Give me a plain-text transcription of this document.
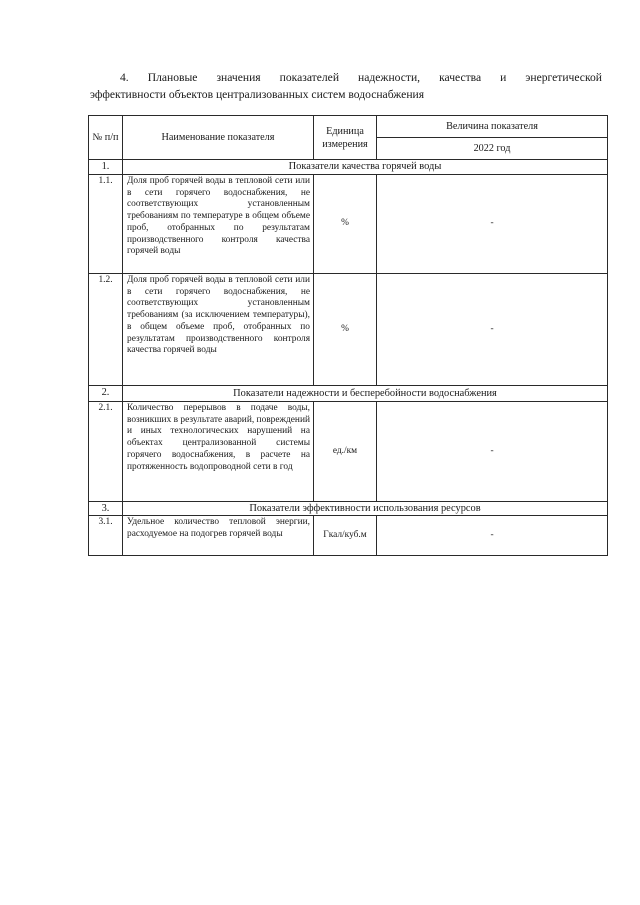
4. Плановые значения показателей надежности, качества и энергетической
эффективности объектов централизованных систем водоснабжения
№ п/п	Наименование показателя	Единица измерения	Величина показателя
			2022 год
1.	Показатели качества горячей воды		
1.1.	Доля проб горячей воды в тепловой сети или в сети горячего водоснабжения, не соответствующих установленным требованиям по температуре в общем объеме проб, отобранных по результатам производственного контроля качества горячей воды	%	-
1.2.	Доля проб горячей воды в тепловой сети или в сети горячего водоснабжения, не соответствующих установленным требованиям (за исключением температуры), в общем объеме проб, отобранных по результатам производственного контроля качества горячей воды	%	-
2.	Показатели надежности и бесперебойности водоснабжения		
2.1.	Количество перерывов в подаче воды, возникших в результате аварий, повреждений и иных технологических нарушений на объектах централизованной системы горячего водоснабжения, в расчете на протяженность водопроводной сети в год	ед./км	-
3.	Показатели эффективности использования ресурсов		
3.1.	Удельное количество тепловой энергии, расходуемое на подогрев горячей воды	Гкал/куб.м	-
